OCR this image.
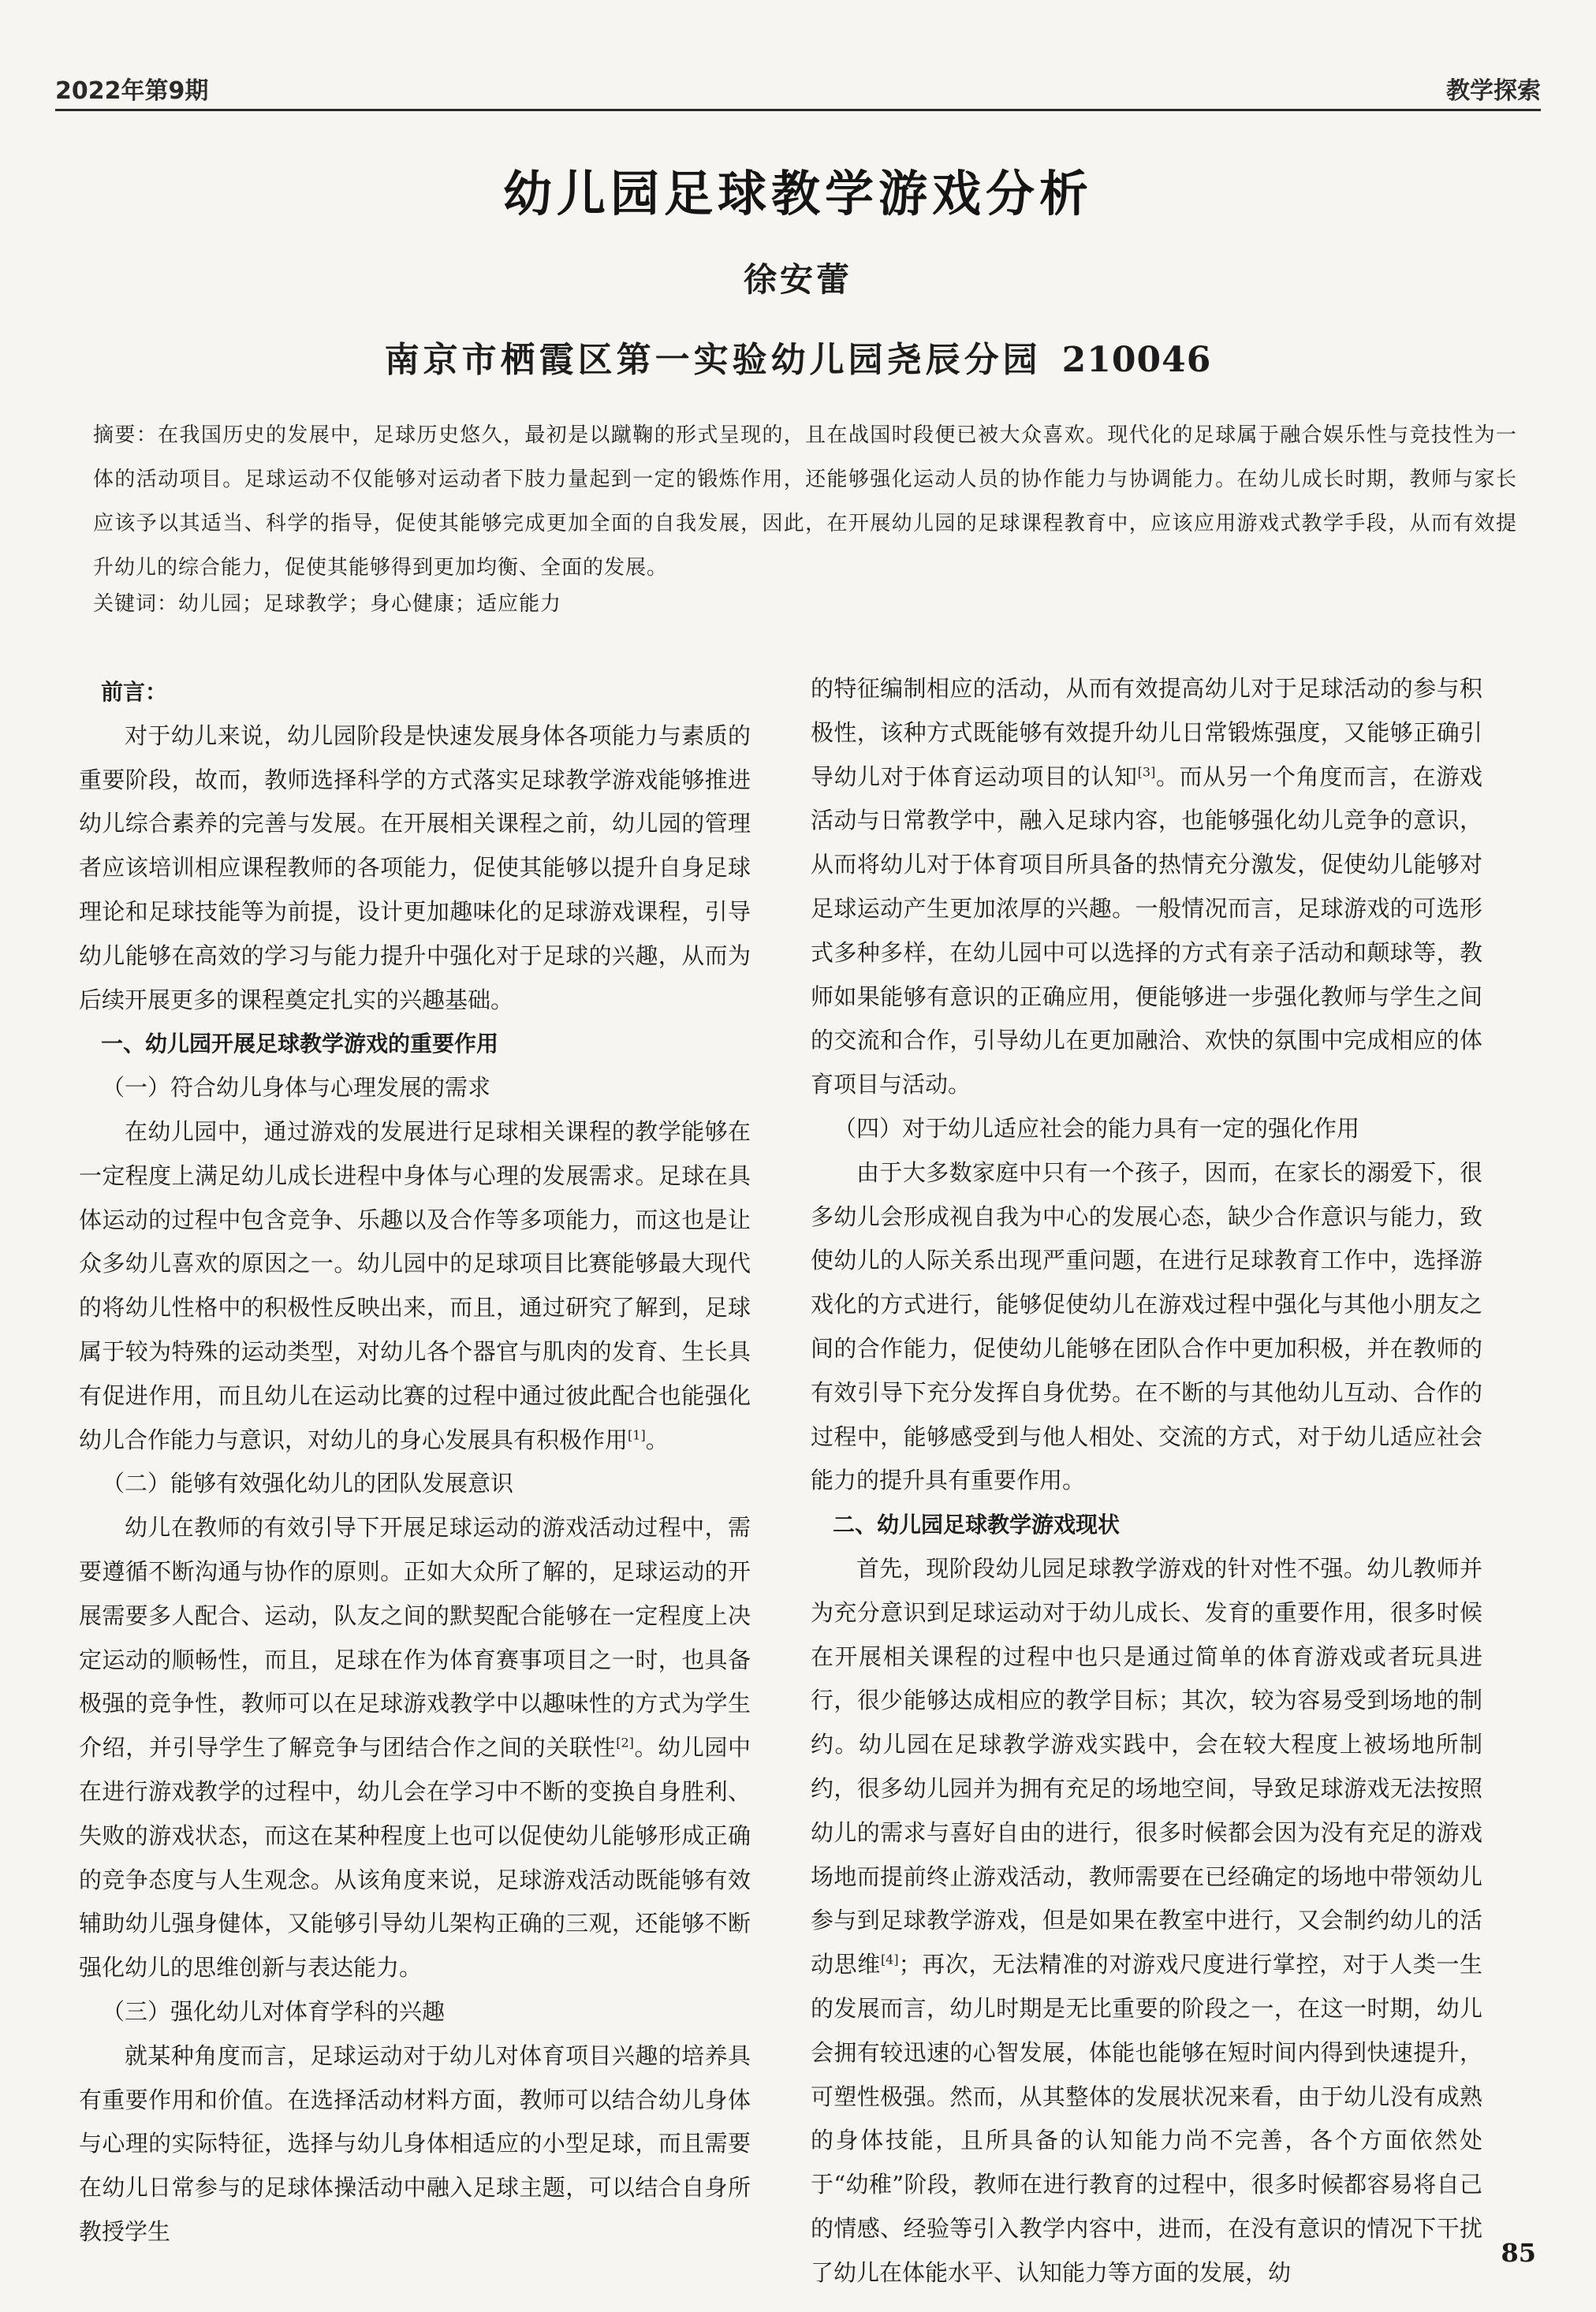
2022年第9期	教学探索
幼儿园足球教学游戏分析
徐安蕾
南京市栖霞区第一实验幼儿园尧辰分园 210046
摘要：在我国历史的发展中，足球历史悠久，最初是以蹴鞠的形式呈现的，且在战国时段便已被大众喜欢。现代化的足球属于融合娱乐性与竞技性为一体的活动项目。足球运动不仅能够对运动者下肢力量起到一定的锻炼作用，还能够强化运动人员的协作能力与协调能力。在幼儿成长时期，教师与家长应该予以其适当、科学的指导，促使其能够完成更加全面的自我发展，因此，在开展幼儿园的足球课程教育中，应该应用游戏式教学手段，从而有效提升幼儿的综合能力，促使其能够得到更加均衡、全面的发展。
关键词：幼儿园；足球教学；身心健康；适应能力
前言：

对于幼儿来说，幼儿园阶段是快速发展身体各项能力与素质的重要阶段，故而，教师选择科学的方式落实足球教学游戏能够推进幼儿综合素养的完善与发展。在开展相关课程之前，幼儿园的管理者应该培训相应课程教师的各项能力，促使其能够以提升自身足球理论和足球技能等为前提，设计更加趣味化的足球游戏课程，引导幼儿能够在高效的学习与能力提升中强化对于足球的兴趣，从而为后续开展更多的课程奠定扎实的兴趣基础。

一、幼儿园开展足球教学游戏的重要作用
（一）符合幼儿身体与心理发展的需求

在幼儿园中，通过游戏的发展进行足球相关课程的教学能够在一定程度上满足幼儿成长进程中身体与心理的发展需求。足球在具体运动的过程中包含竞争、乐趣以及合作等多项能力，而这也是让众多幼儿喜欢的原因之一。幼儿园中的足球项目比赛能够最大现代的将幼儿性格中的积极性反映出来，而且，通过研究了解到，足球属于较为特殊的运动类型，对幼儿各个器官与肌肉的发育、生长具有促进作用，而且幼儿在运动比赛的过程中通过彼此配合也能强化幼儿合作能力与意识，对幼儿的身心发展具有积极作用[1]。

（二）能够有效强化幼儿的团队发展意识

幼儿在教师的有效引导下开展足球运动的游戏活动过程中，需要遵循不断沟通与协作的原则。正如大众所了解的，足球运动的开展需要多人配合、运动，队友之间的默契配合能够在一定程度上决定运动的顺畅性，而且，足球在作为体育赛事项目之一时，也具备极强的竞争性，教师可以在足球游戏教学中以趣味性的方式为学生介绍，并引导学生了解竞争与团结合作之间的关联性[2]。幼儿园中在进行游戏教学的过程中，幼儿会在学习中不断的变换自身胜利、失败的游戏状态，而这在某种程度上也可以促使幼儿能够形成正确的竞争态度与人生观念。从该角度来说，足球游戏活动既能够有效辅助幼儿强身健体，又能够引导幼儿架构正确的三观，还能够不断强化幼儿的思维创新与表达能力。

（三）强化幼儿对体育学科的兴趣

就某种角度而言，足球运动对于幼儿对体育项目兴趣的培养具有重要作用和价值。在选择活动材料方面，教师可以结合幼儿身体与心理的实际特征，选择与幼儿身体相适应的小型足球，而且需要在幼儿日常参与的足球体操活动中融入足球主题，可以结合自身所教授学生

的特征编制相应的活动，从而有效提高幼儿对于足球活动的参与积极性，该种方式既能够有效提升幼儿日常锻炼强度，又能够正确引导幼儿对于体育运动项目的认知[3]。而从另一个角度而言，在游戏活动与日常教学中，融入足球内容，也能够强化幼儿竞争的意识，从而将幼儿对于体育项目所具备的热情充分激发，促使幼儿能够对足球运动产生更加浓厚的兴趣。一般情况而言，足球游戏的可选形式多种多样，在幼儿园中可以选择的方式有亲子活动和颠球等，教师如果能够有意识的正确应用，便能够进一步强化教师与学生之间的交流和合作，引导幼儿在更加融洽、欢快的氛围中完成相应的体育项目与活动。

（四）对于幼儿适应社会的能力具有一定的强化作用

由于大多数家庭中只有一个孩子，因而，在家长的溺爱下，很多幼儿会形成视自我为中心的发展心态，缺少合作意识与能力，致使幼儿的人际关系出现严重问题，在进行足球教育工作中，选择游戏化的方式进行，能够促使幼儿在游戏过程中强化与其他小朋友之间的合作能力，促使幼儿能够在团队合作中更加积极，并在教师的有效引导下充分发挥自身优势。在不断的与其他幼儿互动、合作的过程中，能够感受到与他人相处、交流的方式，对于幼儿适应社会能力的提升具有重要作用。

二、幼儿园足球教学游戏现状

首先，现阶段幼儿园足球教学游戏的针对性不强。幼儿教师并为充分意识到足球运动对于幼儿成长、发育的重要作用，很多时候在开展相关课程的过程中也只是通过简单的体育游戏或者玩具进行，很少能够达成相应的教学目标；其次，较为容易受到场地的制约。幼儿园在足球教学游戏实践中，会在较大程度上被场地所制约，很多幼儿园并为拥有充足的场地空间，导致足球游戏无法按照幼儿的需求与喜好自由的进行，很多时候都会因为没有充足的游戏场地而提前终止游戏活动，教师需要在已经确定的场地中带领幼儿参与到足球教学游戏，但是如果在教室中进行，又会制约幼儿的活动思维[4]；再次，无法精准的对游戏尺度进行掌控，对于人类一生的发展而言，幼儿时期是无比重要的阶段之一，在这一时期，幼儿会拥有较迅速的心智发展，体能也能够在短时间内得到快速提升，可塑性极强。然而，从其整体的发展状况来看，由于幼儿没有成熟的身体技能，且所具备的认知能力尚不完善，各个方面依然处于“幼稚”阶段，教师在进行教育的过程中，很多时候都容易将自己的情感、经验等引入教学内容中，进而，在没有意识的情况下干扰了幼儿在体能水平、认知能力等方面的发展，幼

85
